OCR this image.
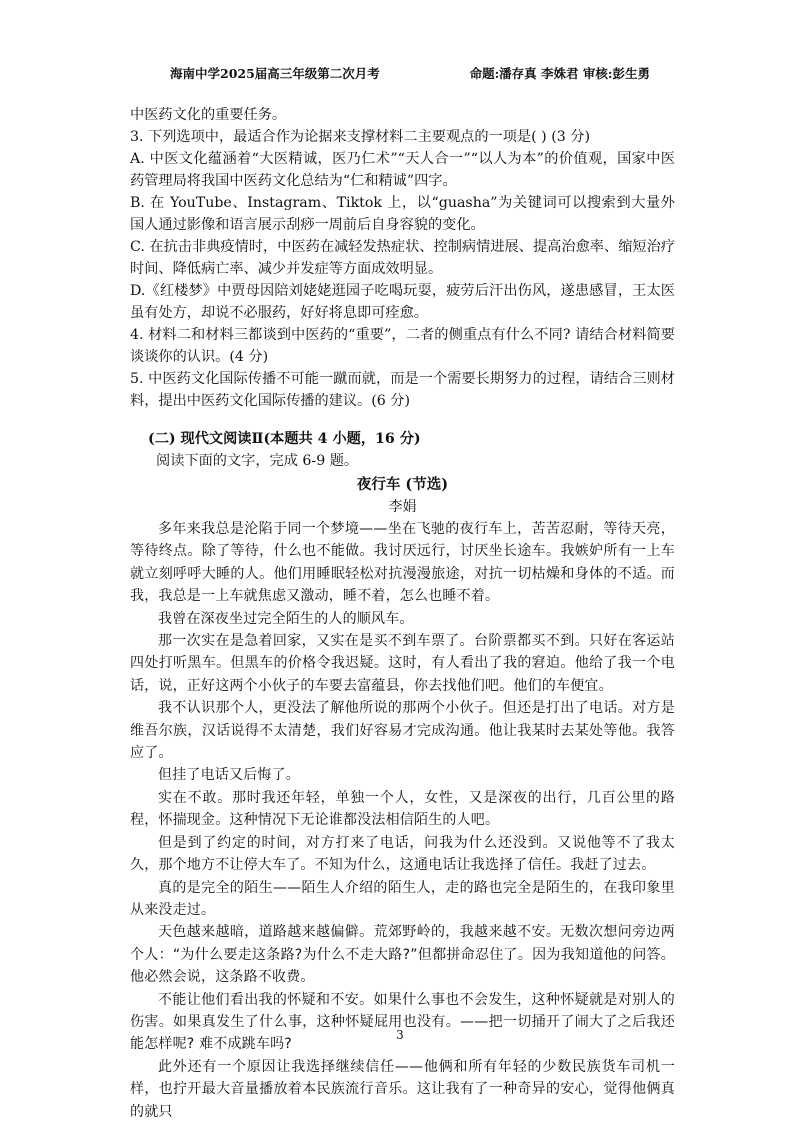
海南中学2025届高三年级第二次月考	命题:潘存真 李姝君 审核:彭生勇

中医药文化的重要任务。

3. 下列选项中，最适合作为论据来支撑材料二主要观点的一项是( ) (3 分)

A. 中医文化蕴涵着“大医精诚，医乃仁术”“天人合一”“以人为本”的价值观，国家中医药管理局将我国中医药文化总结为“仁和精诚”四字。

B. 在 YouTube、Instagram、Tiktok 上，以“guasha”为关键词可以搜索到大量外国人通过影像和语言展示刮痧一周前后自身容貌的变化。

C. 在抗击非典疫情时，中医药在减轻发热症状、控制病情进展、提高治愈率、缩短治疗时间、降低病亡率、减少并发症等方面成效明显。

D.《红楼梦》中贾母因陪刘姥姥逛园子吃喝玩耍，疲劳后汗出伤风，遂患感冒，王太医虽有处方，却说不必服药，好好将息即可痊愈。

4. 材料二和材料三都谈到中医药的“重要”，二者的侧重点有什么不同? 请结合材料简要谈谈你的认识。(4 分)

5. 中医药文化国际传播不可能一蹴而就，而是一个需要长期努力的过程，请结合三则材料，提出中医药文化国际传播的建议。(6 分)

(二) 现代文阅读Ⅱ(本题共 4 小题，16 分)
阅读下面的文字，完成 6-9 题。
夜行车 (节选)
李娟

多年来我总是沦陷于同一个梦境——坐在飞驰的夜行车上，苦苦忍耐，等待天亮，等待终点。除了等待，什么也不能做。我讨厌远行，讨厌坐长途车。我嫉妒所有一上车就立刻呼呼大睡的人。他们用睡眠轻松对抗漫漫旅途，对抗一切枯燥和身体的不适。而我，我总是一上车就焦虑又激动，睡不着，怎么也睡不着。

我曾在深夜坐过完全陌生的人的顺风车。

那一次实在是急着回家，又实在是买不到车票了。台阶票都买不到。只好在客运站四处打听黑车。但黑车的价格令我迟疑。这时，有人看出了我的窘迫。他给了我一个电话，说，正好这两个小伙子的车要去富蕴县，你去找他们吧。他们的车便宜。

我不认识那个人，更没法了解他所说的那两个小伙子。但还是打出了电话。对方是维吾尔族，汉话说得不太清楚，我们好容易才完成沟通。他让我某时去某处等他。我答应了。

但挂了电话又后悔了。

实在不敢。那时我还年轻，单独一个人，女性，又是深夜的出行，几百公里的路程，怀揣现金。这种情况下无论谁都没法相信陌生的人吧。

但是到了约定的时间，对方打来了电话，问我为什么还没到。又说他等不了我太久，那个地方不让停大车了。不知为什么，这通电话让我选择了信任。我赶了过去。

真的是完全的陌生——陌生人介绍的陌生人，走的路也完全是陌生的，在我印象里从来没走过。

天色越来越暗，道路越来越偏僻。荒郊野岭的，我越来越不安。无数次想问旁边两个人：“为什么要走这条路?为什么不走大路?”但都拼命忍住了。因为我知道他的问答。他必然会说，这条路不收费。

不能让他们看出我的怀疑和不安。如果什么事也不会发生，这种怀疑就是对别人的伤害。如果真发生了什么事，这种怀疑屁用也没有。——把一切捅开了闹大了之后我还能怎样呢? 难不成跳车吗?

此外还有一个原因让我选择继续信任——他俩和所有年轻的少数民族货车司机一样，也拧开最大音量播放着本民族流行音乐。这让我有了一种奇异的安心，觉得他俩真的就只

3
